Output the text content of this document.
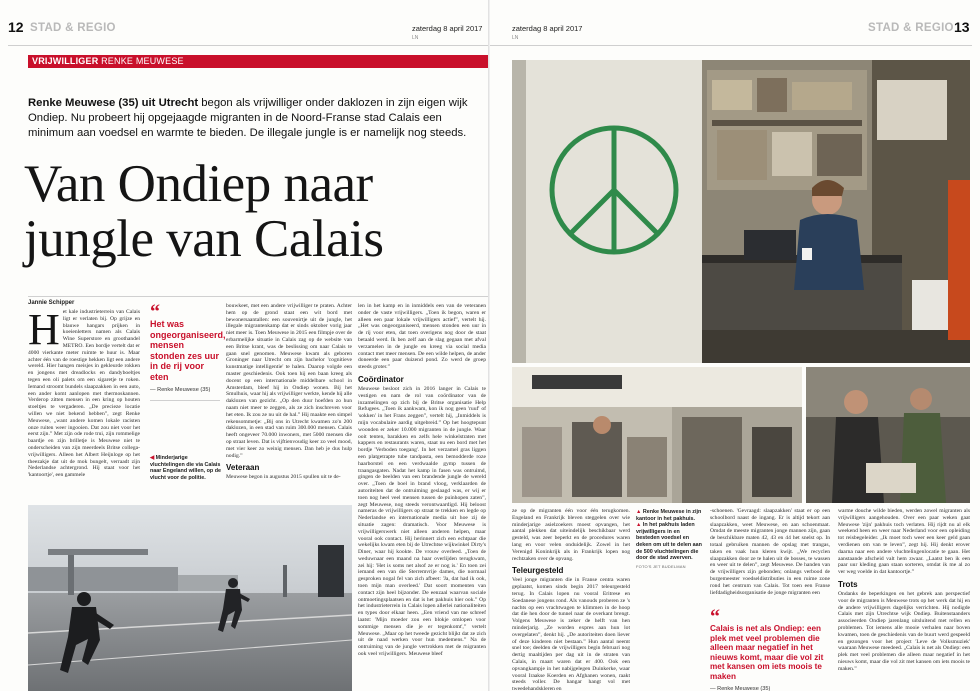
12 STAD & REGIO	zaterdag 8 april 2017
LN
VRIJWILLIGER RENKE MEUWESE
Renke Meuwese (35) uit Utrecht begon als vrijwilliger onder daklozen in zijn eigen wijk Ondiep. Nu probeert hij opgejaagde migranten in de Noord-Franse stad Calais een minimum aan voedsel en warmte te bieden. De illegale jungle is er namelijk nog steeds.
Van Ondiep naar
jungle van Calais
Jannie Schipper
H et kale industrieterrein van Calais ligt er verlaten bij. Op grijze en blauwe hangars prijken in koeienletters namen als Calais Wine Superstore en groothandel METRO. Een bordje vertelt dat er 4000 vierkante meter ruimte te huur is. Maar achter één van de roestige hekken ligt een andere wereld. Hier hangen meisjes in gekleurde rokken en jongens met dreadlocks en dandyboeltjes tegen een oli palets om een sigaretje te roken. Iemand stroomt bundels slaapzakken in een auto, een ander komt aanlopen met thermoskannen. Verderop zitten mensen in een kring op houten stoeltjes te vergaderen. „De precieze locatie willen we niet bekend hebben”, zegt Renke Meuwese, „want andere komen lokale racisten onze ruiten weer ingooien. Dat zou niet voor het eerst zijn.” Met zijn ode rode trui, zijn rommelige baardje en zijn brilletje is Meuwese niet te onderscheiden van zijn meerdeels Britse collega-vrijwilligers. Alleen het Albert Heijnloge op het theezakje dat uit de mok bungelt, verraadt zijn Nederlandse achtergrond. Hij staat voor het 'kantoortje', een gammele
“
Het was ongeorganiseerd, mensen stonden zes uur in de rij voor eten
— Renke Meuwese (35)
◀ Minderjarige vluchtelingen die via Calais naar Engeland willen, op de vlucht voor de politie.
bouwkeet, met een andere vrijwilliger te praten. Achter hem op de grond staat een wit bord met bewonersaantallen: een souvenirtje uit de jungle, het illegale migrantenkamp dat er sinds oktober vorig jaar niet meer is. Toen Meuwese in 2015 een filmpje over de erbarmelijke situatie in Calais zag op de website van een Britse krant, was de beslissing om naar Calais te gaan snel genomen. Meuwese kwam als geboren Groninger naar Utrecht om zijn bachelor 'cognitieve kunstmatige intelligentie' te halen. Daarop volgde een master geschiedenis. Ook toen hij een baan kreeg als docent op een internationale middelbare school in Amsterdam, bleef hij in Ondiep wonen. Bij het Smulhuis, waar hij als vrijwilliger werkte, kende hij alle daklozen van gezicht. „Op den duur hoefden zo hun naam niet meer te zeggen, als ze zich inschreven voor het eten. Ik zou ze nu uit de hal.” Hij maakte een simpel rekensommetje: „Bij ons in Utrecht kwamen zo'n 200 daklozen, in een stad van ruim 300.000 mensen. Calais heeft ongeveer 70.000 inwoners, met 5000 mensen die op straat leven. Dat is vijftienvoudig keer zo veel mood, met vier keer zo weinig mensen. Dan heb je dus hulp nodig.”
Veteraan
Meuwese begon in augustus 2015 spullen uit te de-
len in het kamp en in inmiddels een van de veteranen onder de vaste vrijwilligers. „Toen ik begon, waren er alleen een paar lokale vrijwilligers actief”, vertelt hij. „Het was ongeorganiseerd, mensen stonden een uur in de rij voor eten, dat toen overigens nog door de staat betaald werd. Ik ben zelf aan de slag gegaan met afval verzamelen in de jungle en kreeg via social media contact met meer mensen. De een wilde helpen, de ander doneerde een paar duizend pond. Zo werd de groep steeds groter.”
Coördinator
Meuwese besloot zich in 2016 langer in Calais te vestigen en nam de rol van coördinator van de inzamelingen op zich bij de Britse organisatie Help Refugees. „Toen ik aankwam, kon ik nog geen 'ruuf' of 'sokken' in het Frans zeggen”, vertelt hij, „Inmiddels is mijn vocabulaire aardig uitgebreid.” Op het hoogtepunt woonden er zeker 10.000 migranten in de jungle. Waar ooit tenten, barakken en zelfs hele winkelstraten met kappers en restaurants waren, staat nu een bord met het bordje 'Verboden toegang'. In het verzamel gras liggen een platgetrapte tube tandpasta, een bemodderde roze haarborstel en een verdwaalde gymp tussen de traangasgaten. Nadat het kamp in fasen was ontruimd, gingen de beelden van een brandende jungle de wereld over. „Toen de boel in brand vloog, verklaarden de autoriteiten dat de ontruiming geslaagd was, er wij er toen nog heel veel mensen tussen de puinhopen zaten”, zegt Meuwese, nog steeds verontwaardigd. Hij beloost nameras de vrijwilligers op straat te trekken en legde op Nederlandse en internationale media uit hoe zij de situatie zagen: dramatisch. Voor Meuwese is vrijwilligerswerk niet alleen anderen helpen, maar vooral ook contact. Hij herinnert zich een echtpaar die wekelijks kwam eten bij de Utrechtse wijkwinkel Dirty's Diner, waar hij kookte. De vrouw overleed. „Toen de weduwnaar een maand na haar overlijden terugkwam, zei hij: 'Het is soms net alsof ze er nog is.' En toen zei iemand een van die Sterremvrije dames, die normaal gesproken nogal fel van zich afbeet: 'Ja, dat had ik ook, toen mijn man overleed.' Dat soort momenten van contact zijn heel bijzonder. De eenzaal waarvan sociale ontmoetingsplaatsen en dat is het pakhuis hier ook.” Op het industrieterrein in Calais lopen allerlei nationaliteiten en types door elkaar heen. „Een vriend van me schreef laatst: 'Mijn moeder zou een blokje omlopen voor sommige mensen die je er tegenkomt',” vertelt Meuwese. „Maar op het tweede gezicht blijkt dat ze zich uit de naad werken voor hun medemens.” Na de ontruiming van de jungle vertrokken met de migranten ook veel vrijwilligers. Meuwese bleef
zaterdag 8 april 2017
LN
STAD & REGIO 13
ze op de migranten één voor één terugkomen. Engeland en Frankrijk bleven steggelen over wie minderjarige asielzoekers moest opvangen, het aantal plekken dat uiteindelijk beschikbaar werd gesteld, was zeer beperkt en de procedures waren lang en voor velen onduidelijk. Zowel in het Verenigd Koninkrijk als in Frankrijk lopen nog rechtzaken over de opvang.
Teleurgesteld
Veel jonge migranten die in Franse centra waren geplaatst, komen sinds begin 2017 teleurgesteld terug. In Calais lopen nu vooral Eritrese en Soedanese jongens rond. Als vanouds proberen ze 's nachts op een vrachtwagen te klimmen in de hoop dat die hen door de tunnel naar de overkant brengt. Volgens Meuwese is zeker de helft van hen minderjarig. „Ze worden expres aan hun lot overgelaten”, denkt hij. „De autoriteiten doen liever of deze kinderen niet bestaan.” Hun aantal neemt snel toe; deelden de vrijwilligers begin februari nog dertig maaltijden per dag uit in de straten van Calais, in maart waren dat er 400. Ook een opvangkampje in het nabijgelegen Duinkerke, waar vooral Iraakse Koerden en Afghanen wonen, raakt steeds voller. De hangar hangt vol met tweedehandskleren en
▲ Renke Meuwese in zijn kantoor in het pakhuis.
▲ In het pakhuis laden vrijwilligers in en besteden voedsel en deken om uit te delen aan de 500 vluchtelingen die door de stad zwerven.
FOTO'S JET BUDELMAN
-schoenen. 'Gevraagd: slaapzakken' staat er op een schoolbord naast de ingang. Er is altijd tekort aan slaapzakken, weet Meuwese, en aan schoenmaat. Omdat de meeste migranten jonge mannen zijn, gaan de beschikbare maten 42, 43 en 44 het snelst op. In totaal gebruiken mannen de opslag met trangas, taken en vaak hun kleren kwijt. „We recyclen slaapzakken door ze te halen uit de bosses, te wassen en weer uit te delen”, zegt Meuwese. De handen van de vrijwilligers zijn gebonden; onlangs verbood de burgemeester voedseldistributies in een ruime zone rond het centrum van Calais. Tot toen een Franse liefdadigheidsorganisatie de jonge migranten een
“
Calais is net als Ondiep: een plek met veel problemen die alleen maar negatief in het nieuws komt, maar die vol zit met kansen om iets moois te maken
— Renke Meuwese (35)
warme douche wilde bieden, werden zowel migranten als vrijwilligers aangehouden. Over een paar weken gaat Meuwese 'zijn' pakhuis toch verlaten. Hij rijdt nu al elk weekend heen en weer naar Nederland voor een opleiding tot reisbegeleider. „Ik moet toch weer een keer geld gaan verdienen om van te leven”, zegt hij. Hij denkt erover daarna naar een andere vluchtelingenlocatie te gaan. Het aanstaande afscheid valt hem zwaar. „Laatst ben ik een paar uur kleding gaan staan sorteren, omdat ik me al zo ver weg voelde in dat kantoortje.”
Trots
Ondanks de beperkingen en het gebrek aan perspectief voor de migranten is Meuwese trots op het werk dat hij en de andere vrijwilligers dagelijks verrichten. Hij nodigde Calais met zijn Utrechtse wijk Ondiep. Buitenstaanders associeerden Ondiep jarenlang uitsluitend met rellen en problemen. Tot iemens alle mooie verhalen naar boven kwamen, toen de geschiedenis van de buurt werd gespeeld en gezongen voor het project 'Leve de Volksmuziek' waaraan Meuwese meedeed. „Calais is net als Ondiep: een plek met veel problemen die alleen maar negatief in het nieuws komt, maar die vol zit met kansen om iets moois te maken.”
